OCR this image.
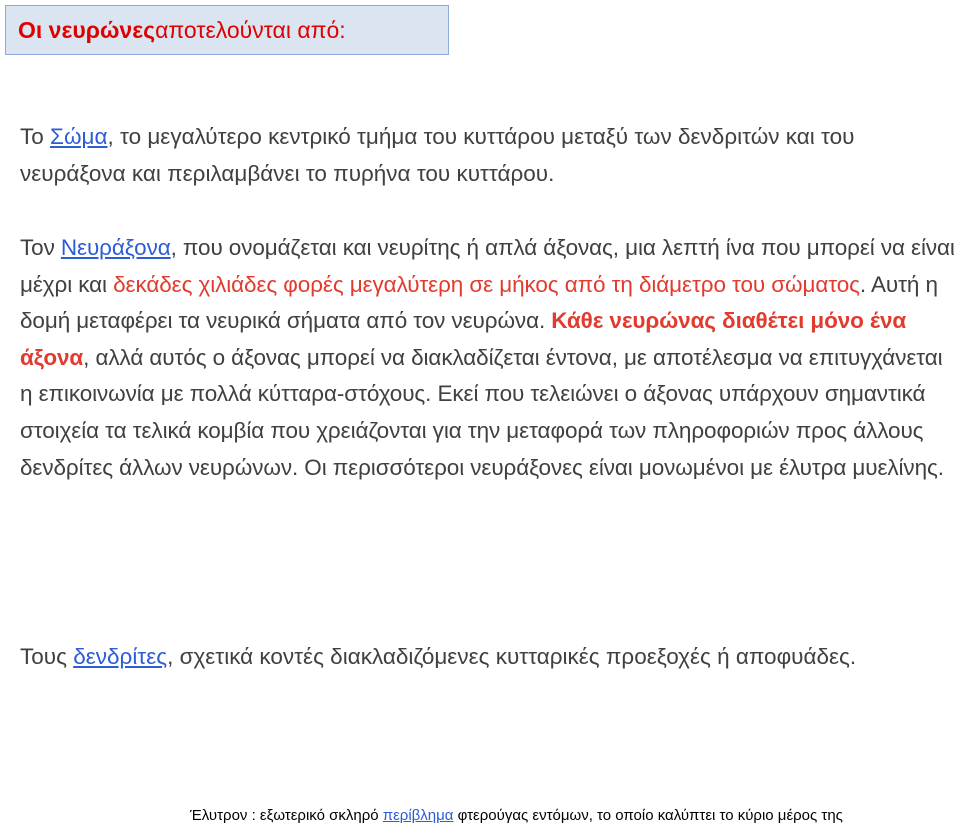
Οι νευρώνες αποτελούνται από:
Το Σώμα, το μεγαλύτερο κεντρικό τμήμα του κυττάρου μεταξύ των δενδριτών και του νευράξονα και περιλαμβάνει το πυρήνα του κυττάρου.
Τον Νευράξονα, που ονομάζεται και νευρίτης ή απλά άξονας, μια λεπτή ίνα που μπορεί να είναι μέχρι και δεκάδες χιλιάδες φορές μεγαλύτερη σε μήκος από τη διάμετρο του σώματος. Αυτή η δομή μεταφέρει τα νευρικά σήματα από τον νευρώνα. Κάθε νευρώνας διαθέτει μόνο ένα άξονα, αλλά αυτός ο άξονας μπορεί να διακλαδίζεται έντονα, με αποτέλεσμα να επιτυγχάνεται η επικοινωνία με πολλά κύτταρα-στόχους. Εκεί που τελειώνει ο άξονας υπάρχουν σημαντικά στοιχεία τα τελικά κομβία που χρειάζονται για την μεταφορά των πληροφοριών προς άλλους δενδρίτες άλλων νευρώνων. Οι περισσότεροι νευράξονες είναι μονωμένοι με έλυτρα μυελίνης.
Τους δενδρίτες, σχετικά κοντές διακλαδιζόμενες κυτταρικές προεξοχές ή αποφυάδες.
Έλυτρον : εξωτερικό σκληρό περίβλημα φτερούγας εντόμων, το οποίο καλύπτει το κύριο μέρος της
